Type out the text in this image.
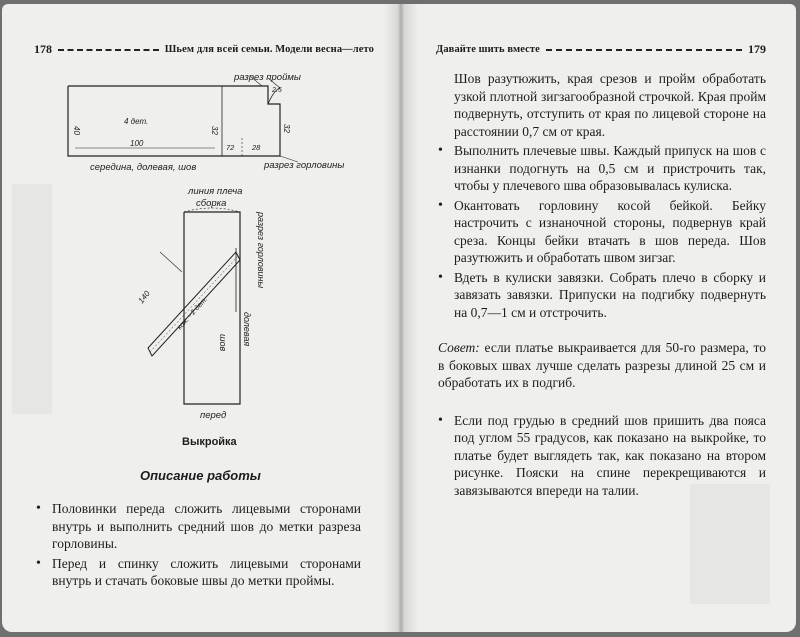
178	Шьем для всей семьи. Модели весна—лето	Давайте шить вместе	179
разрез проймы
2.5
40
4 дет.
32	32
100	72 28
разрез горловины
середина, долевая, шов
линия плеча
сборка
разрез горловины
140	кож. - 2 дет.	долевая
шов
перед
Выкройка
Описание работы
• Половинки переда сложить лицевыми сторонами внутрь и выполнить средний шов до метки разреза горловины.
• Перед и спинку сложить лицевыми сторонами внутрь и стачать боковые швы до метки проймы.

Шов разутюжить, края срезов и пройм обработать узкой плотной зигзагообразной строчкой. Края пройм подвернуть, отступить от края по лицевой стороне на расстоянии 0,7 см от края.

• Выполнить плечевые швы. Каждый припуск на шов с изнанки подогнуть на 0,5 см и пристрочить так, чтобы у плечевого шва образовывалась кулиска.
• Окантовать горловину косой бейкой. Бейку настрочить с изнаночной стороны, подвернув край среза. Концы бейки втачать в шов переда. Шов разутюжить и обработать швом зигзаг.
• Вдеть в кулиски завязки. Собрать плечо в сборку и завязать завязки. Припуски на подгибку подвернуть на 0,7—1 см и отстрочить.

Совет: если платье выкраивается для 50-го размера, то в боковых швах лучше сделать разрезы длиной 25 см и обработать их в подгиб.

• Если под грудью в средний шов пришить два пояса под углом 55 градусов, как показано на выкройке, то платье будет выглядеть так, как показано на втором рисунке. Пояски на спине перекрещиваются и завязываются впереди на талии.
